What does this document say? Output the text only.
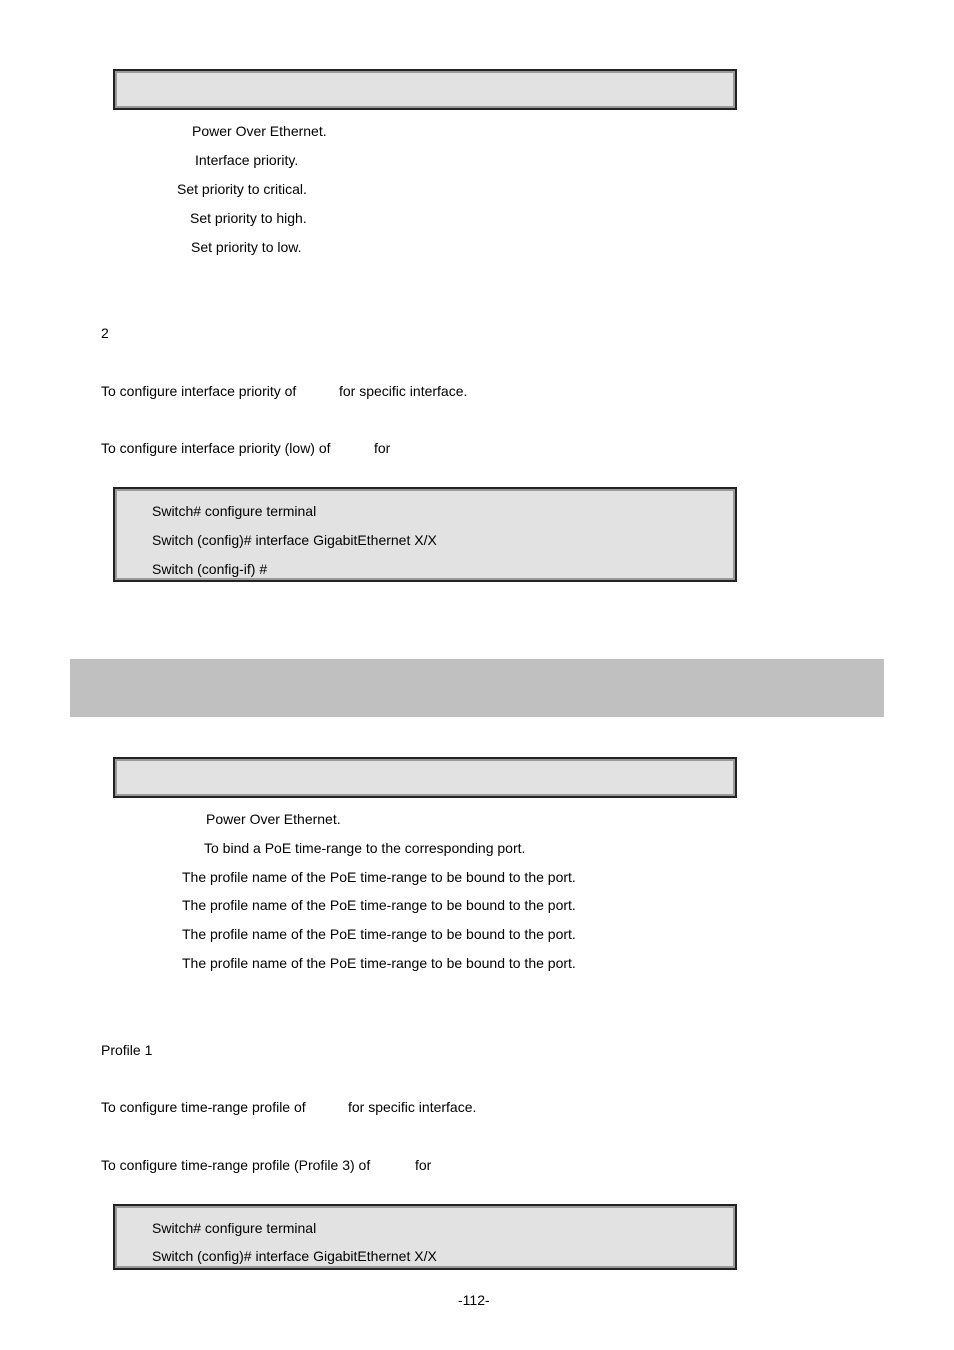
Power Over Ethernet.
Interface priority.
Set priority to critical.
Set priority to high.
Set priority to low.
2
To configure interface priority of	for specific interface.
To configure interface priority (low) of	for
Switch# configure terminal
Switch (config)# interface GigabitEthernet X/X
Switch (config-if) #
Power Over Ethernet.
To bind a PoE time-range to the corresponding port.
The profile name of the PoE time-range to be bound to the port.
The profile name of the PoE time-range to be bound to the port.
The profile name of the PoE time-range to be bound to the port.
The profile name of the PoE time-range to be bound to the port.
Profile 1
To configure time-range profile of	for specific interface.
To configure time-range profile (Profile 3) of	for
Switch# configure terminal
Switch (config)# interface GigabitEthernet X/X
-112-
